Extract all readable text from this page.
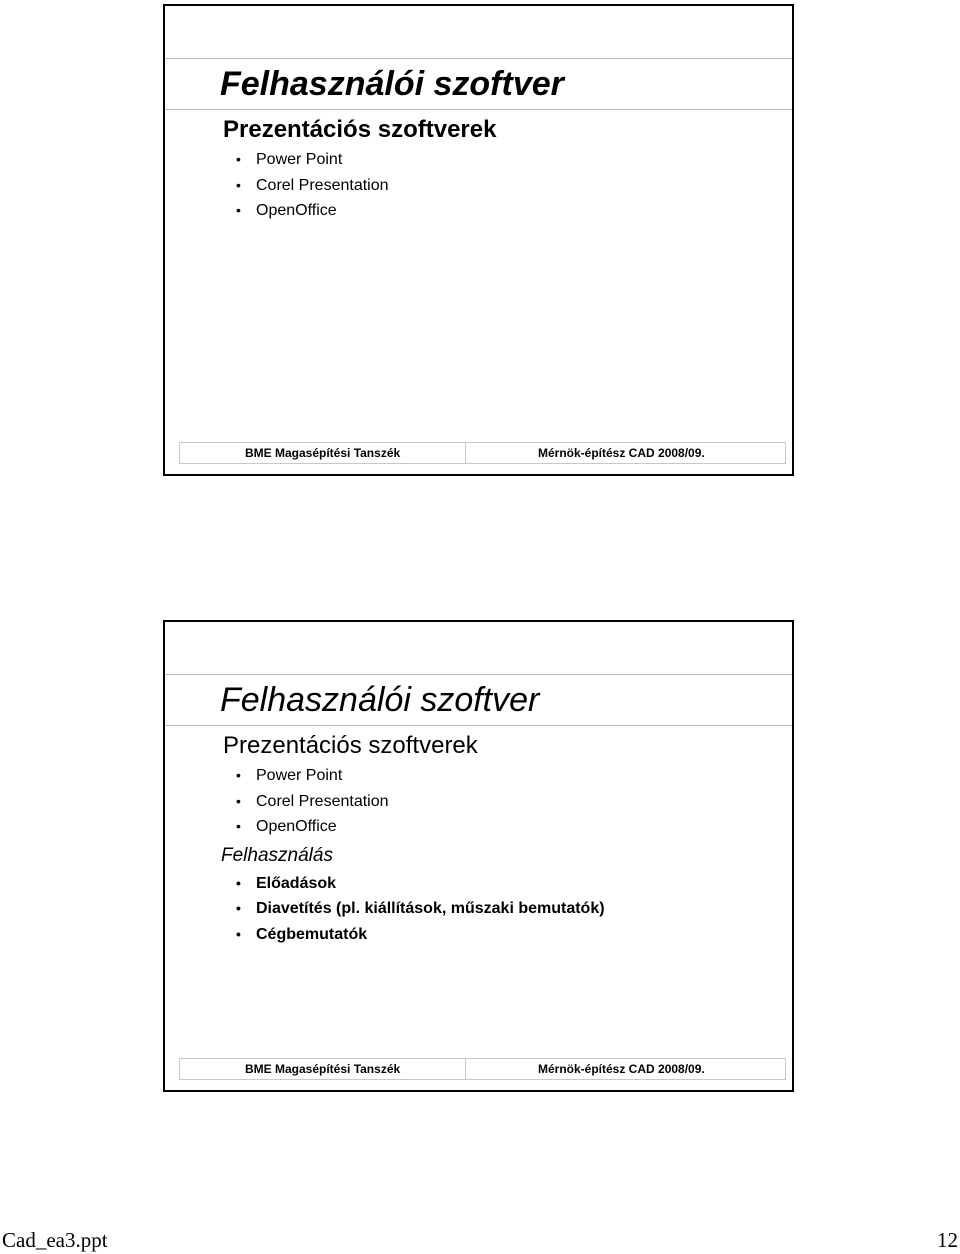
Felhasználói szoftver
Prezentációs szoftverek
• Power Point
• Corel Presentation
• OpenOffice
BME Magasépítési Tanszék	Mérnök-építész CAD 2008/09.
Felhasználói szoftver
Prezentációs szoftverek
• Power Point
• Corel Presentation
• OpenOffice
Felhasználás
• Előadások
• Diavetítés (pl. kiállítások, műszaki bemutatók)
• Cégbemutatók
BME Magasépítési Tanszék	Mérnök-építész CAD 2008/09.
Cad_ea3.ppt	12
